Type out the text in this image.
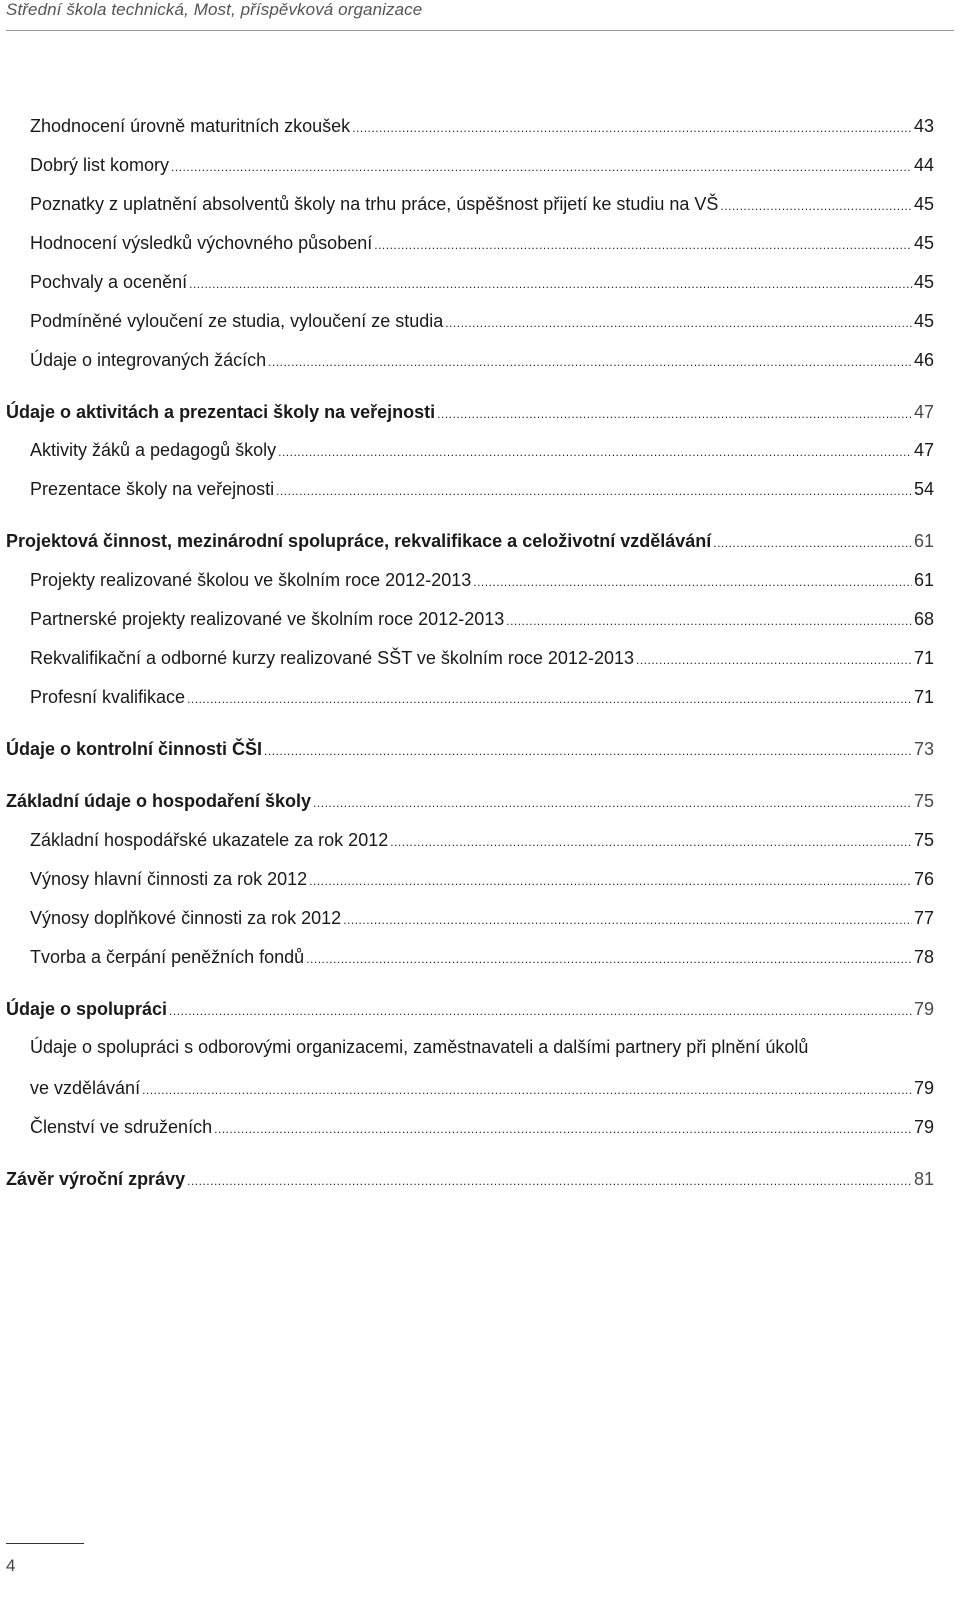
Střední škola technická, Most, příspěvková organizace
Zhodnocení úrovně maturitních zkoušek .....	43
Dobrý list komory .....	44
Poznatky z uplatnění absolventů školy na trhu práce, úspěšnost přijetí ke studiu na VŠ .....	45
Hodnocení výsledků výchovného působení .....	45
Pochvaly a ocenění .....	45
Podmíněné vyloučení ze studia, vyloučení ze studia .....	45
Údaje o integrovaných žácích .....	46
Údaje o aktivitách a prezentaci školy na veřejnosti .....	47
Aktivity žáků a pedagogů školy .....	47
Prezentace školy na veřejnosti .....	54
Projektová činnost, mezinárodní spolupráce, rekvalifikace a celoživotní vzdělávání .....	61
Projekty realizované školou ve školním roce 2012-2013 .....	61
Partnerské projekty realizované ve školním roce 2012-2013 .....	68
Rekvalifikační a odborné kurzy realizované SŠT ve školním roce 2012-2013 .....	71
Profesní kvalifikace .....	71
Údaje o kontrolní činnosti ČŠI .....	73
Základní údaje o hospodaření školy .....	75
Základní hospodářské ukazatele za rok 2012 .....	75
Výnosy hlavní činnosti za rok 2012 .....	76
Výnosy doplňkové činnosti za rok 2012 .....	77
Tvorba a čerpání peněžních fondů .....	78
Údaje o spolupráci .....	79
Údaje o spolupráci s odborovými organizacemi, zaměstnavateli a dalšími partnery při plnění úkolů
ve vzdělávání .....	79
Členství ve sdruženích .....	79
Závěr výroční zprávy .....	81
4
